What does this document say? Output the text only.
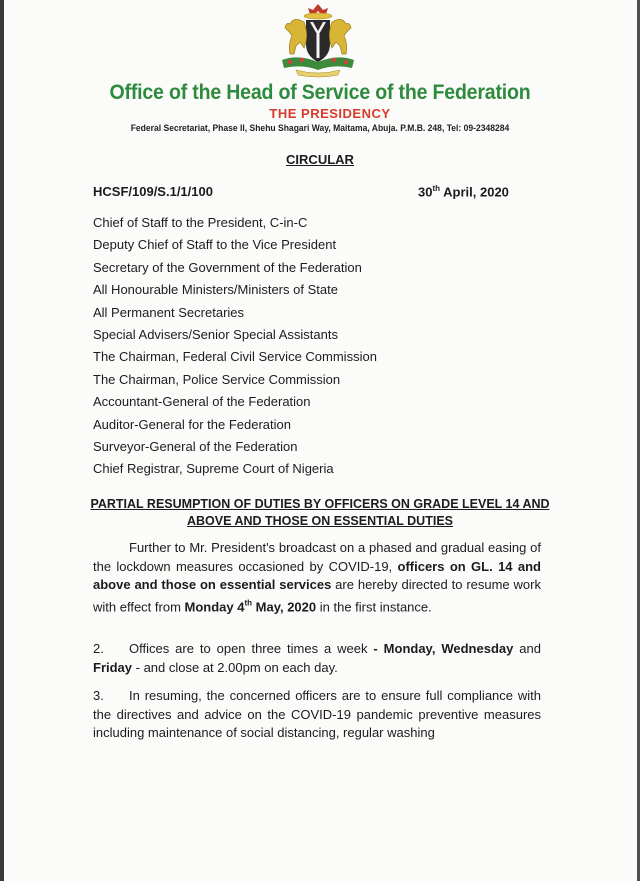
Office of the Head of Service of the Federation
THE PRESIDENCY
Federal Secretariat, Phase II, Shehu Shagari Way, Maitama, Abuja. P.M.B. 248, Tel: 09-2348284
CIRCULAR
HCSF/109/S.1/1/100	30th April, 2020
Chief of Staff to the President, C-in-C
Deputy Chief of Staff to the Vice President
Secretary of the Government of the Federation
All Honourable Ministers/Ministers of State
All Permanent Secretaries
Special Advisers/Senior Special Assistants
The Chairman, Federal Civil Service Commission
The Chairman, Police Service Commission
Accountant-General of the Federation
Auditor-General for the Federation
Surveyor-General of the Federation
Chief Registrar, Supreme Court of Nigeria
PARTIAL RESUMPTION OF DUTIES BY OFFICERS ON GRADE LEVEL 14 AND
ABOVE AND THOSE ON ESSENTIAL DUTIES

Further to Mr. President's broadcast on a phased and gradual easing of the lockdown measures occasioned by COVID-19, officers on GL. 14 and above and those on essential services are hereby directed to resume work with effect from Monday 4th May, 2020 in the first instance.

2. Offices are to open three times a week - Monday, Wednesday and Friday - and close at 2.00pm on each day.

3. In resuming, the concerned officers are to ensure full compliance with the directives and advice on the COVID-19 pandemic preventive measures including maintenance of social distancing, regular washing
